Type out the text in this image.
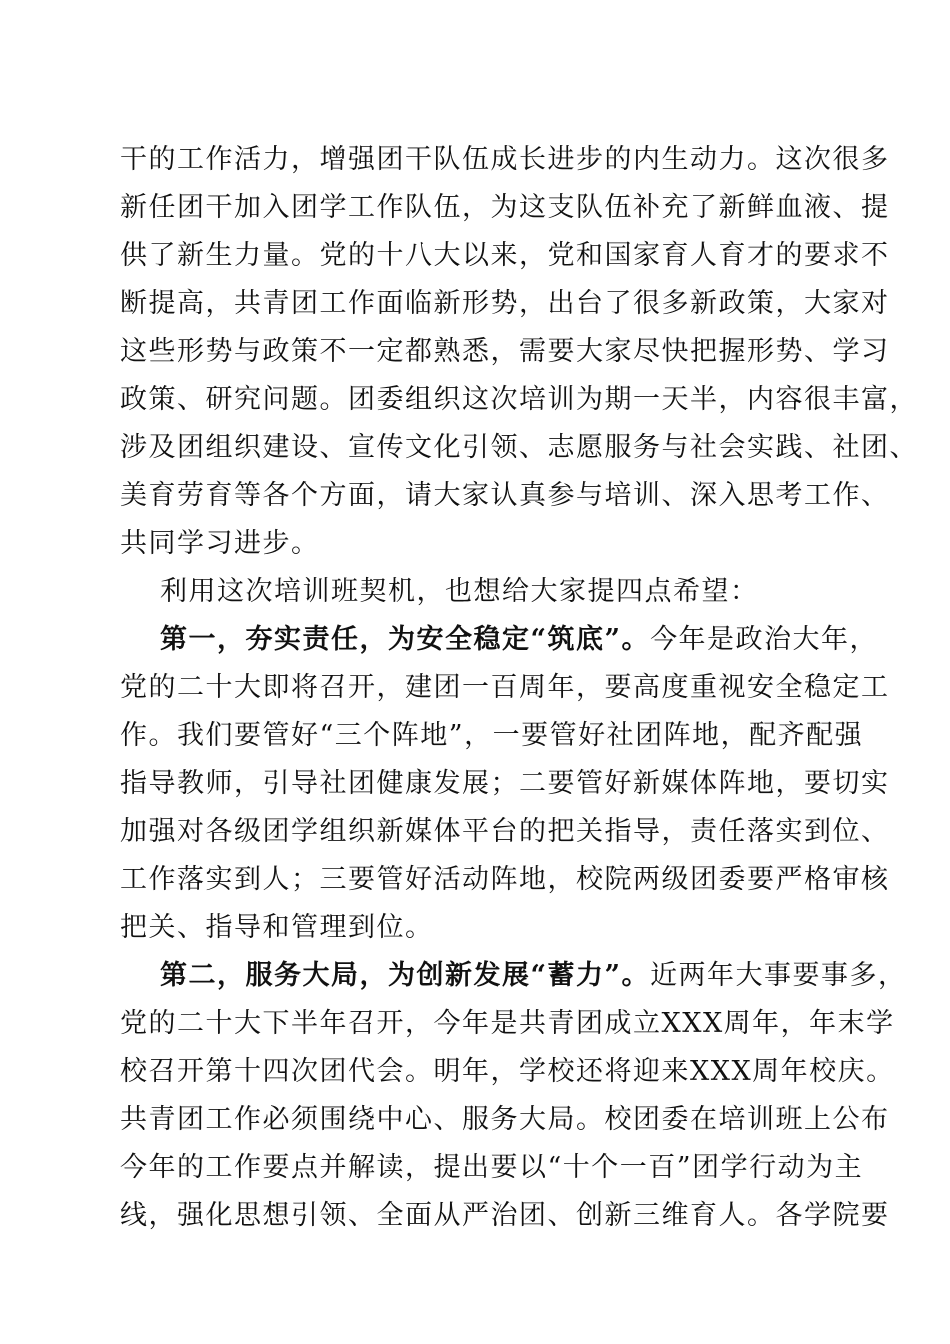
干的工作活力，增强团干队伍成长进步的内生动力。这次很多
新任团干加入团学工作队伍，为这支队伍补充了新鲜血液、提
供了新生力量。党的十八大以来，党和国家育人育才的要求不
断提高，共青团工作面临新形势，出台了很多新政策，大家对
这些形势与政策不一定都熟悉，需要大家尽快把握形势、学习
政策、研究问题。团委组织这次培训为期一天半，内容很丰富，
涉及团组织建设、宣传文化引领、志愿服务与社会实践、社团、
美育劳育等各个方面，请大家认真参与培训、深入思考工作、
共同学习进步。
利用这次培训班契机，也想给大家提四点希望：
第一，夯实责任，为安全稳定“筑底”。今年是政治大年，
党的二十大即将召开，建团一百周年，要高度重视安全稳定工
作。我们要管好“三个阵地”，一要管好社团阵地，配齐配强
指导教师，引导社团健康发展；二要管好新媒体阵地，要切实
加强对各级团学组织新媒体平台的把关指导，责任落实到位、
工作落实到人；三要管好活动阵地，校院两级团委要严格审核
把关、指导和管理到位。
第二，服务大局，为创新发展“蓄力”。近两年大事要事多，
党的二十大下半年召开，今年是共青团成立XXX周年，年末学
校召开第十四次团代会。明年，学校还将迎来XXX周年校庆。
共青团工作必须围绕中心、服务大局。校团委在培训班上公布
今年的工作要点并解读，提出要以“十个一百”团学行动为主
线，强化思想引领、全面从严治团、创新三维育人。各学院要
